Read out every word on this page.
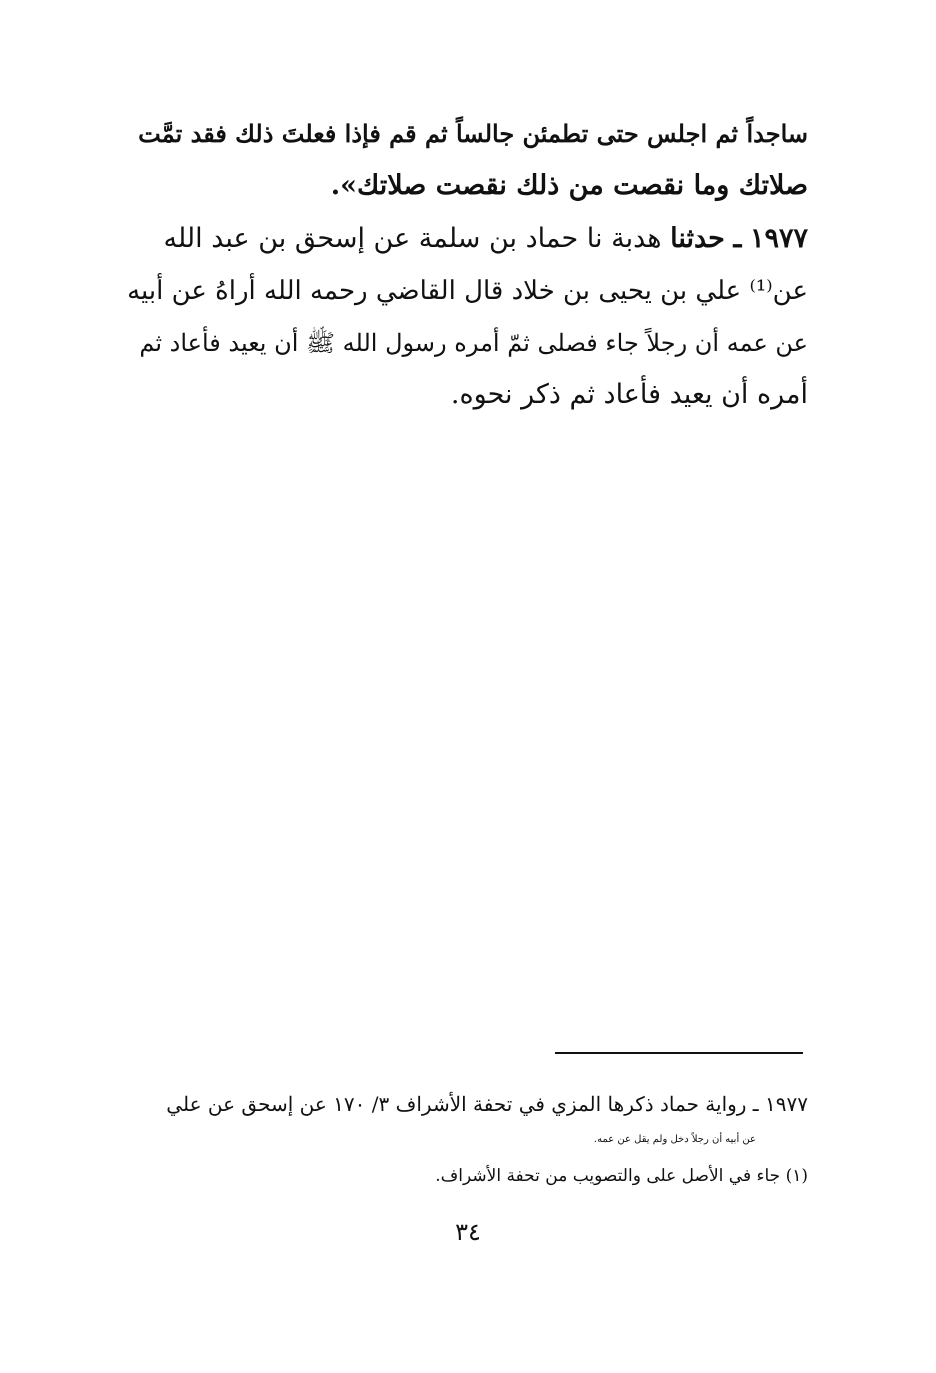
ساجداً ثم اجلس حتى تطمئن جالساً ثم قم فإذا فعلتَ ذلك فقد تمَّت
صلاتك وما نقصت من ذلك نقصت صلاتك».
١٩٧٧ ـ حدثنا هدبة نا حماد بن سلمة عن إسحق بن عبد الله
عن⁽¹⁾ علي بن يحيى بن خلاد قال القاضي رحمه الله أراهُ عن أبيه
عن عمه أن رجلاً جاء فصلى ثمّ أمره رسول الله ﷺ أن يعيد فأعاد ثم
أمره أن يعيد فأعاد ثم ذكر نحوه.
١٩٧٧ ـ رواية حماد ذكرها المزي في تحفة الأشراف ٣/ ١٧٠ عن إسحق عن علي
عن أبيه أن رجلاً دخل ولم يقل عن عمه.
(١) جاء في الأصل على والتصويب من تحفة الأشراف.
٣٤
